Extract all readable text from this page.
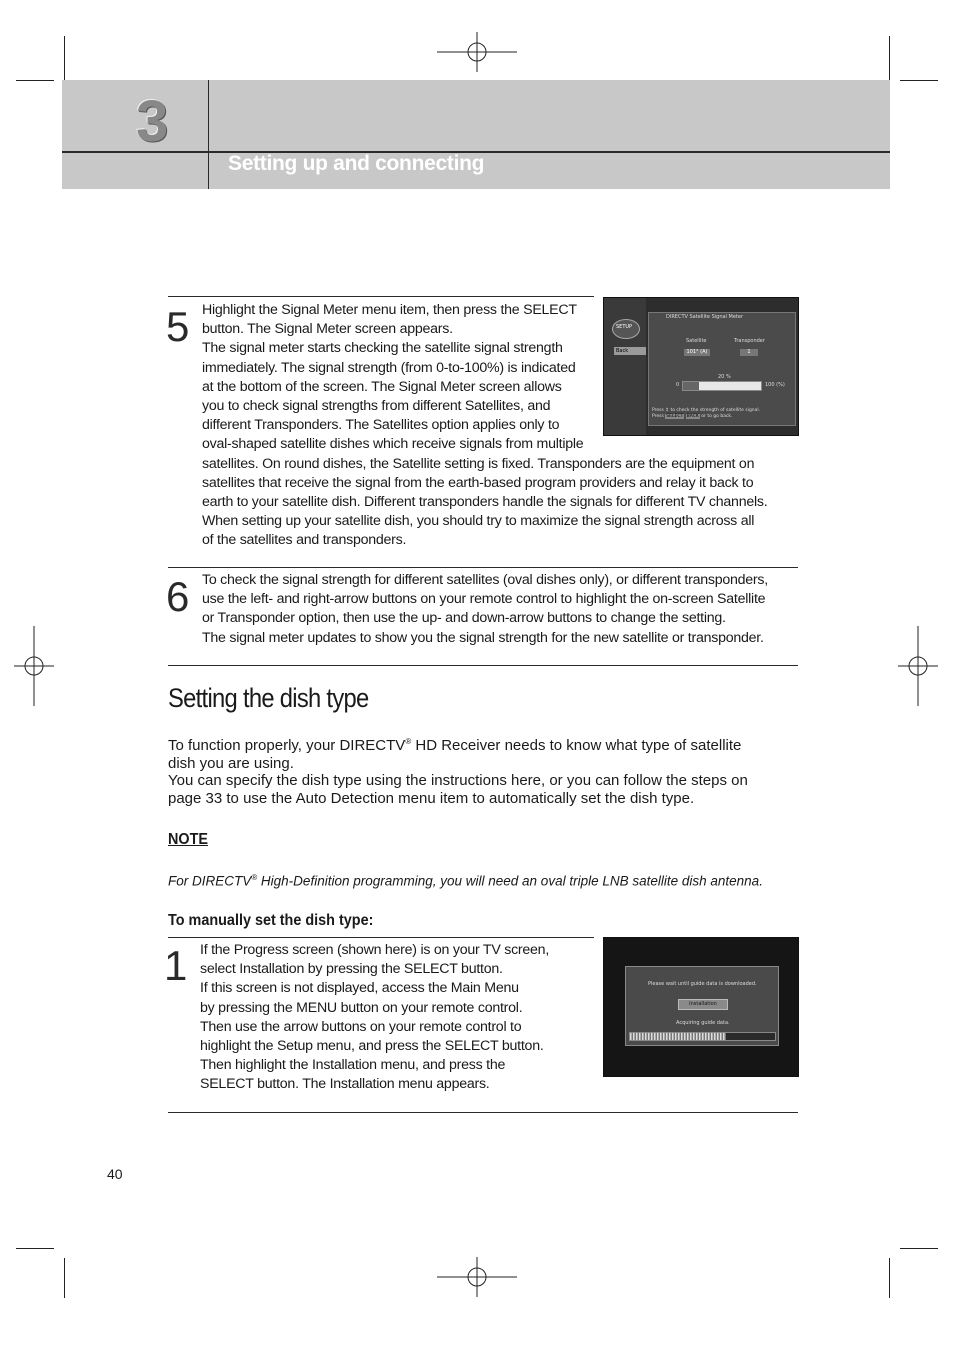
3
Setting up and connecting
5 Highlight the Signal Meter menu item, then press the SELECT

button. The Signal Meter screen appears.

The signal meter starts checking the satellite signal strength

immediately. The signal strength (from 0-to-100%) is indicated

at the bottom of the screen. The Signal Meter screen allows

you to check signal strengths from different Satellites, and

different Transponders. The Satellites option applies only to

oval-shaped satellite dishes which receive signals from multiple

satellites. On round dishes, the Satellite setting is fixed. Transponders are the equipment on

satellites that receive the signal from the earth-based program providers and relay it back to

earth to your satellite dish. Different transponders handle the signals for different TV channels.

When setting up your satellite dish, you should try to maximize the signal strength across all

of the satellites and transponders.

SETUP
Back
DIRECTV Satellite Signal Meter
Satellite	Transponder
101° (A)	1
20 %
0	100 (%)
Press ↕ to check the strength of satellite signal.
Press SELECT BACK or to go back.
6 To check the signal strength for different satellites (oval dishes only), or different transponders,

use the left- and right-arrow buttons on your remote control to highlight the on-screen Satellite

or Transponder option, then use the up- and down-arrow buttons to change the setting.

The signal meter updates to show you the signal strength for the new satellite or transponder.

Setting the dish type

To function properly, your DIRECTV® HD Receiver needs to know what type of satellite
dish you are using.

You can specify the dish type using the instructions here, or you can follow the steps on
page 33 to use the Auto Detection menu item to automatically set the dish type.

NOTE
For DIRECTV® High-Definition programming, you will need an oval triple LNB satellite dish antenna.
To manually set the dish type:
1 If the Progress screen (shown here) is on your TV screen,

select Installation by pressing the SELECT button.

If this screen is not displayed, access the Main Menu

by pressing the MENU button on your remote control.

Then use the arrow buttons on your remote control to

highlight the Setup menu, and press the SELECT button.

Then highlight the Installation menu, and press the

SELECT button. The Installation menu appears.

Please wait until guide data is downloaded.
Installation
Acquiring guide data.
40
